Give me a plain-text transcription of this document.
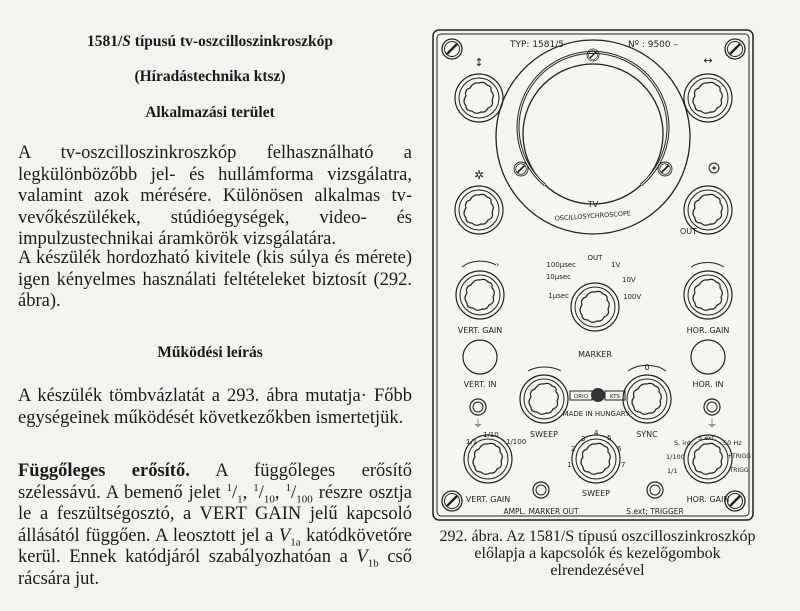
1581/S típusú tv-oszcilloszinkroszkóp
(Híradástechnika ktsz)
Alkalmazási terület
A tv-oszcilloszinkroszkóp felhasználható a legkülönbözőbb jel- és hullámforma vizsgálatra, valamint azok mérésére. Különösen alkalmas tv-vevőkészülékek, stúdióegységek, video- és impulzustechnikai áramkörök vizsgálatára.
A készülék hordozható kivitele (kis súlya és mérete) igen kényelmes használati feltételeket biztosít (292. ábra).
Működési leírás
A készülék tömbvázlatát a 293. ábra mutatja· Főbb egységeinek működését következőkben ismertetjük.
Függőleges erősítő. A függőleges erősítő szélessávú. A bemenő jelet $^1/_1$, $^1/_{10}$, $^1/_{100}$ részre osztja le a feszültségosztó, a VERT GAIN jelű kapcsoló állásától függően. A leosztott jel a $V_{1a}$ katódkövetőre kerül. Ennek katódjáról szabályozhatóan a $V_{1b}$ cső rácsára jut.
TYP: 1581/5	Nº : 9500 –
TV
OSCILLOSYCHROSCOPE
↕	↔
✲
OUT
›
VERT. GAIN	HOR. GAIN
100µsec
OUT
1V
10µsec	10V
1µsec	100V
MARKER
VERT. IN	HOR. IN
SWEEP
0
SYNC
ORIO	KTS
MADE IN HUNGARY
⏚	⏚
1/1
1/10
1/100
VERT. GAIN
1
2
3
4
5
6
7
SWEEP
S. int.
S.ext.
50 Hz
1/100	+TRIGG
1/1	-TRIGG
HOR. GAIN
AMPL. MARKER OUT	S.ext; TRIGGER
292. ábra. Az 1581/S típusú oszcilloszinkroszkóp előlapja a kapcsolók és kezelőgombok elrendezésével
